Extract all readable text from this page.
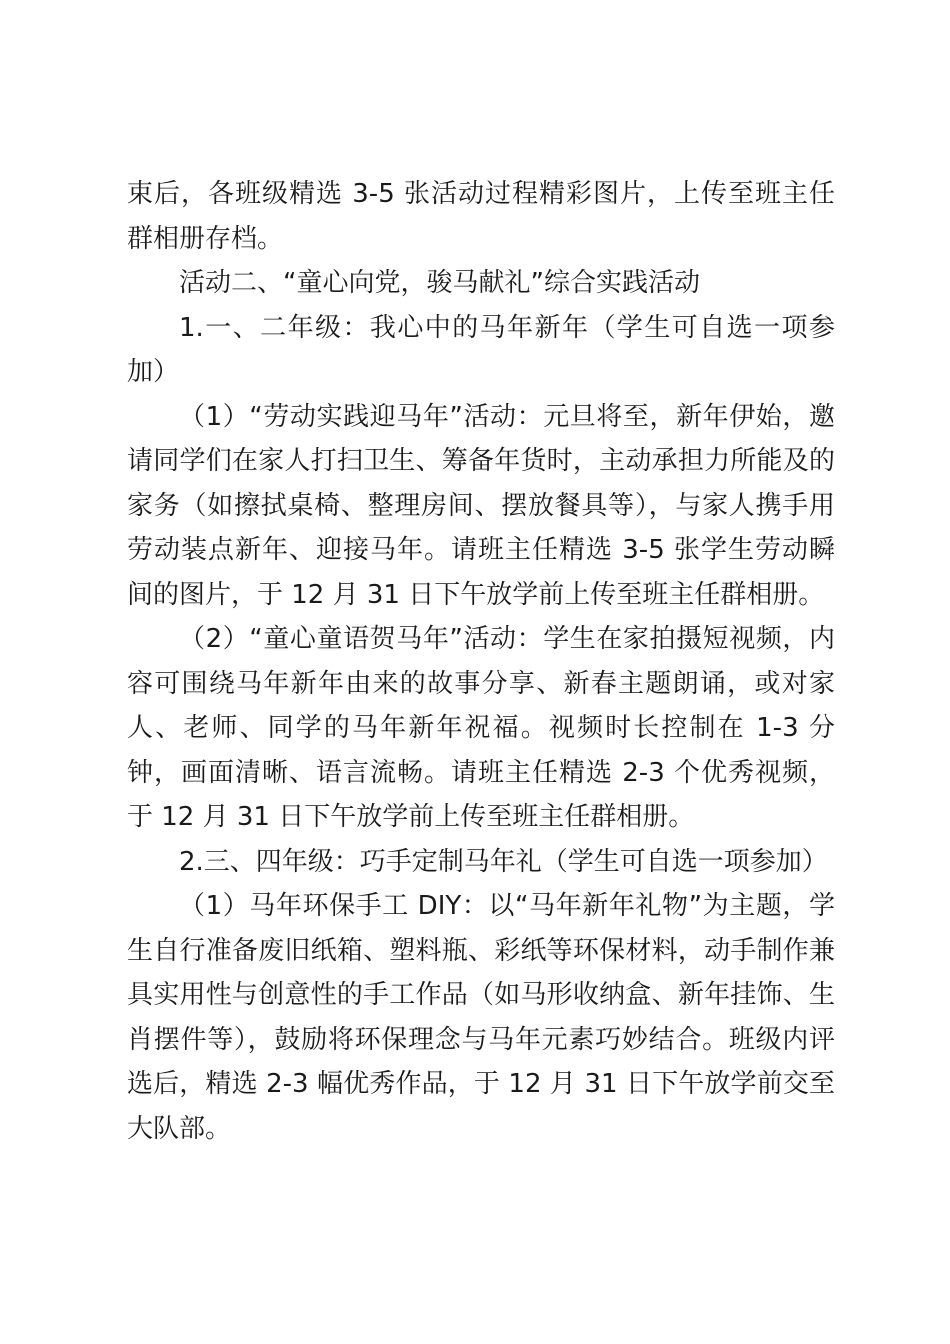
束后，各班级精选 3-5 张活动过程精彩图片，上传至班主任群相册存档。

活动二、“童心向党，骏马献礼”综合实践活动

1.一、二年级：我心中的马年新年（学生可自选一项参加）

（1）“劳动实践迎马年”活动：元旦将至，新年伊始，邀请同学们在家人打扫卫生、筹备年货时，主动承担力所能及的家务（如擦拭桌椅、整理房间、摆放餐具等），与家人携手用劳动装点新年、迎接马年。请班主任精选 3-5 张学生劳动瞬间的图片，于 12 月 31 日下午放学前上传至班主任群相册。

（2）“童心童语贺马年”活动：学生在家拍摄短视频，内容可围绕马年新年由来的故事分享、新春主题朗诵，或对家人、老师、同学的马年新年祝福。视频时长控制在 1-3 分钟，画面清晰、语言流畅。请班主任精选 2-3 个优秀视频，于 12 月 31 日下午放学前上传至班主任群相册。

2.三、四年级：巧手定制马年礼（学生可自选一项参加）

（1）马年环保手工 DIY：以“马年新年礼物”为主题，学生自行准备废旧纸箱、塑料瓶、彩纸等环保材料，动手制作兼具实用性与创意性的手工作品（如马形收纳盒、新年挂饰、生肖摆件等），鼓励将环保理念与马年元素巧妙结合。班级内评选后，精选 2-3 幅优秀作品，于 12 月 31 日下午放学前交至大队部。
